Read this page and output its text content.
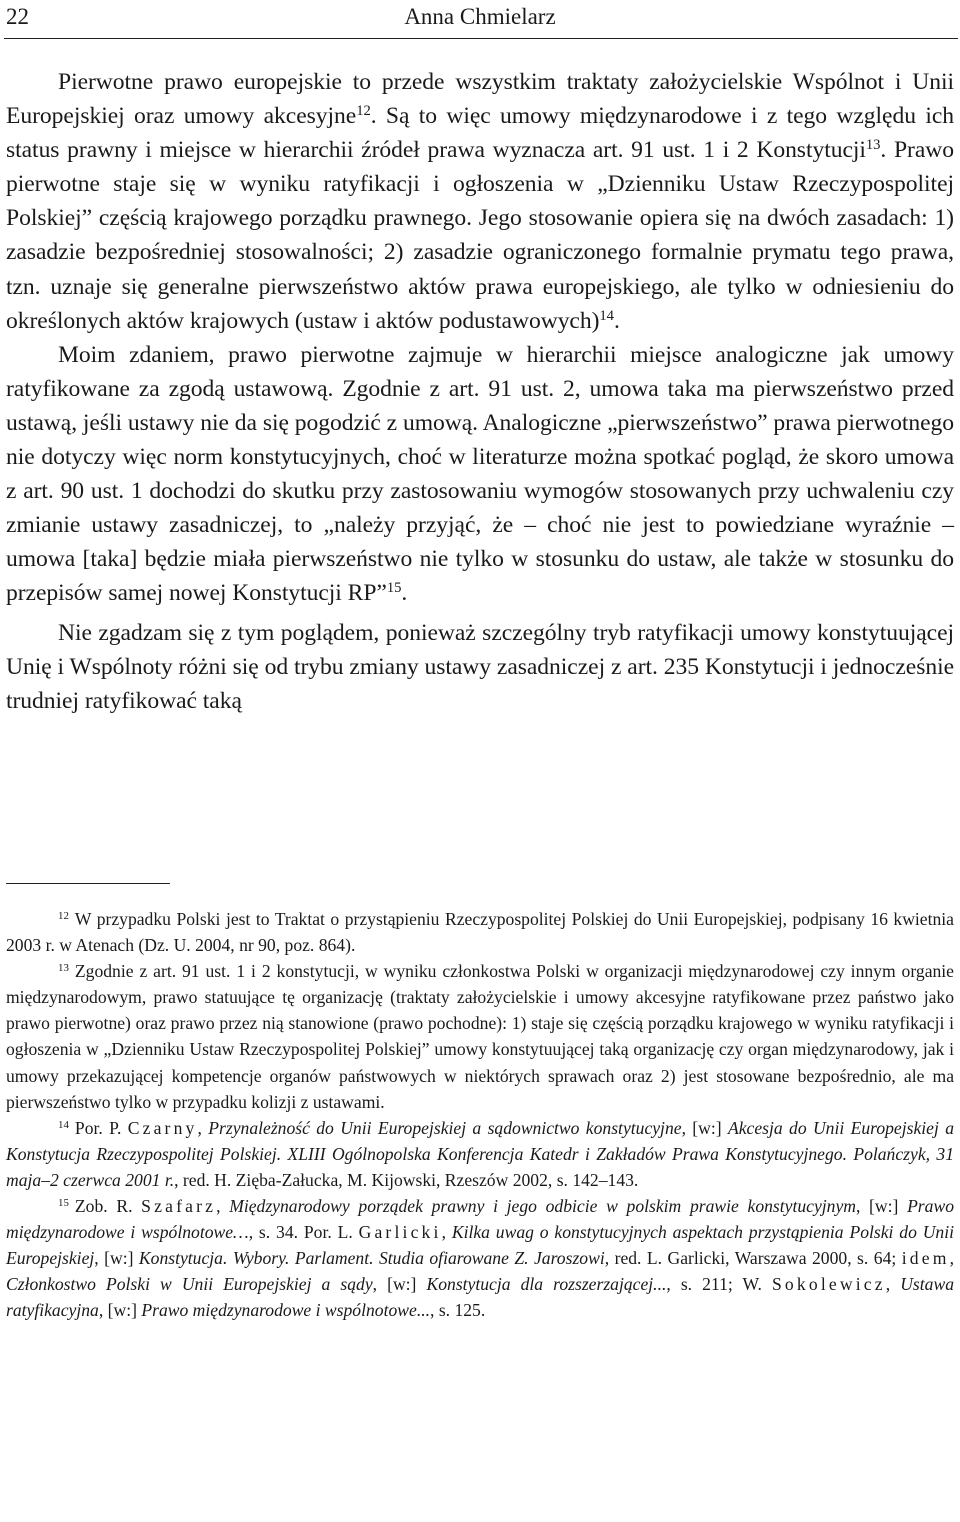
22	Anna Chmielarz

Pierwotne prawo europejskie to przede wszystkim traktaty założycielskie Wspólnot i Unii Europejskiej oraz umowy akcesyjne$^{12}$. Są to więc umowy międzynarodowe i z tego względu ich status prawny i miejsce w hierarchii źródeł prawa wyznacza art. 91 ust. 1 i 2 Konstytucji$^{13}$. Prawo pierwotne staje się w wyniku ratyfikacji i ogłoszenia w „Dzienniku Ustaw Rzeczypospolitej Polskiej” częścią krajowego porządku prawnego. Jego stosowanie opiera się na dwóch zasadach: 1) zasadzie bezpośredniej stosowalności; 2) zasadzie ograniczonego formalnie prymatu tego prawa, tzn. uznaje się generalne pierwszeństwo aktów prawa europejskiego, ale tylko w odniesieniu do określonych aktów krajowych (ustaw i aktów podustawowych)$^{14}$.

Moim zdaniem, prawo pierwotne zajmuje w hierarchii miejsce analogiczne jak umowy ratyfikowane za zgodą ustawową. Zgodnie z art. 91 ust. 2, umowa taka ma pierwszeństwo przed ustawą, jeśli ustawy nie da się pogodzić z umową. Analogiczne „pierwszeństwo” prawa pierwotnego nie dotyczy więc norm konstytucyjnych, choć w literaturze można spotkać pogląd, że skoro umowa z art. 90 ust. 1 dochodzi do skutku przy zastosowaniu wymogów stosowanych przy uchwaleniu czy zmianie ustawy zasadniczej, to „należy przyjąć, że – choć nie jest to powiedziane wyraźnie – umowa [taka] będzie miała pierwszeństwo nie tylko w stosunku do ustaw, ale także w stosunku do przepisów samej nowej Konstytucji RP”$^{15}$.

Nie zgadzam się z tym poglądem, ponieważ szczególny tryb ratyfikacji umowy konstytuującej Unię i Wspólnoty różni się od trybu zmiany ustawy zasadniczej z art. 235 Konstytucji i jednocześnie trudniej ratyfikować taką

$^{12}$ W przypadku Polski jest to Traktat o przystąpieniu Rzeczypospolitej Polskiej do Unii Europejskiej, podpisany 16 kwietnia 2003 r. w Atenach (Dz. U. 2004, nr 90, poz. 864).

$^{13}$ Zgodnie z art. 91 ust. 1 i 2 konstytucji, w wyniku członkostwa Polski w organizacji międzynarodowej czy innym organie międzynarodowym, prawo statuujące tę organizację (traktaty założycielskie i umowy akcesyjne ratyfikowane przez państwo jako prawo pierwotne) oraz prawo przez nią stanowione (prawo pochodne): 1) staje się częścią porządku krajowego w wyniku ratyfikacji i ogłoszenia w „Dzienniku Ustaw Rzeczypospolitej Polskiej” umowy konstytuującej taką organizację czy organ międzynarodowy, jak i umowy przekazującej kompetencje organów państwowych w niektórych sprawach oraz 2) jest stosowane bezpośrednio, ale ma pierwszeństwo tylko w przypadku kolizji z ustawami.

$^{14}$ Por. P. Czarny, Przynależność do Unii Europejskiej a sądownictwo konstytucyjne, [w:] Akcesja do Unii Europejskiej a Konstytucja Rzeczypospolitej Polskiej. XLIII Ogólnopolska Konferencja Katedr i Zakładów Prawa Konstytucyjnego. Polańczyk, 31 maja–2 czerwca 2001 r., red. H. Zięba-Załucka, M. Kijowski, Rzeszów 2002, s. 142–143.

$^{15}$ Zob. R. Szafarz, Międzynarodowy porządek prawny i jego odbicie w polskim prawie konstytucyjnym, [w:] Prawo międzynarodowe i wspólnotowe…, s. 34. Por. L. Garlicki, Kilka uwag o konstytucyjnych aspektach przystąpienia Polski do Unii Europejskiej, [w:] Konstytucja. Wybory. Parlament. Studia ofiarowane Z. Jaroszowi, red. L. Garlicki, Warszawa 2000, s. 64; idem, Członkostwo Polski w Unii Europejskiej a sądy, [w:] Konstytucja dla rozszerzającej..., s. 211; W. Sokolewicz, Ustawa ratyfikacyjna, [w:] Prawo międzynarodowe i wspólnotowe..., s. 125.
